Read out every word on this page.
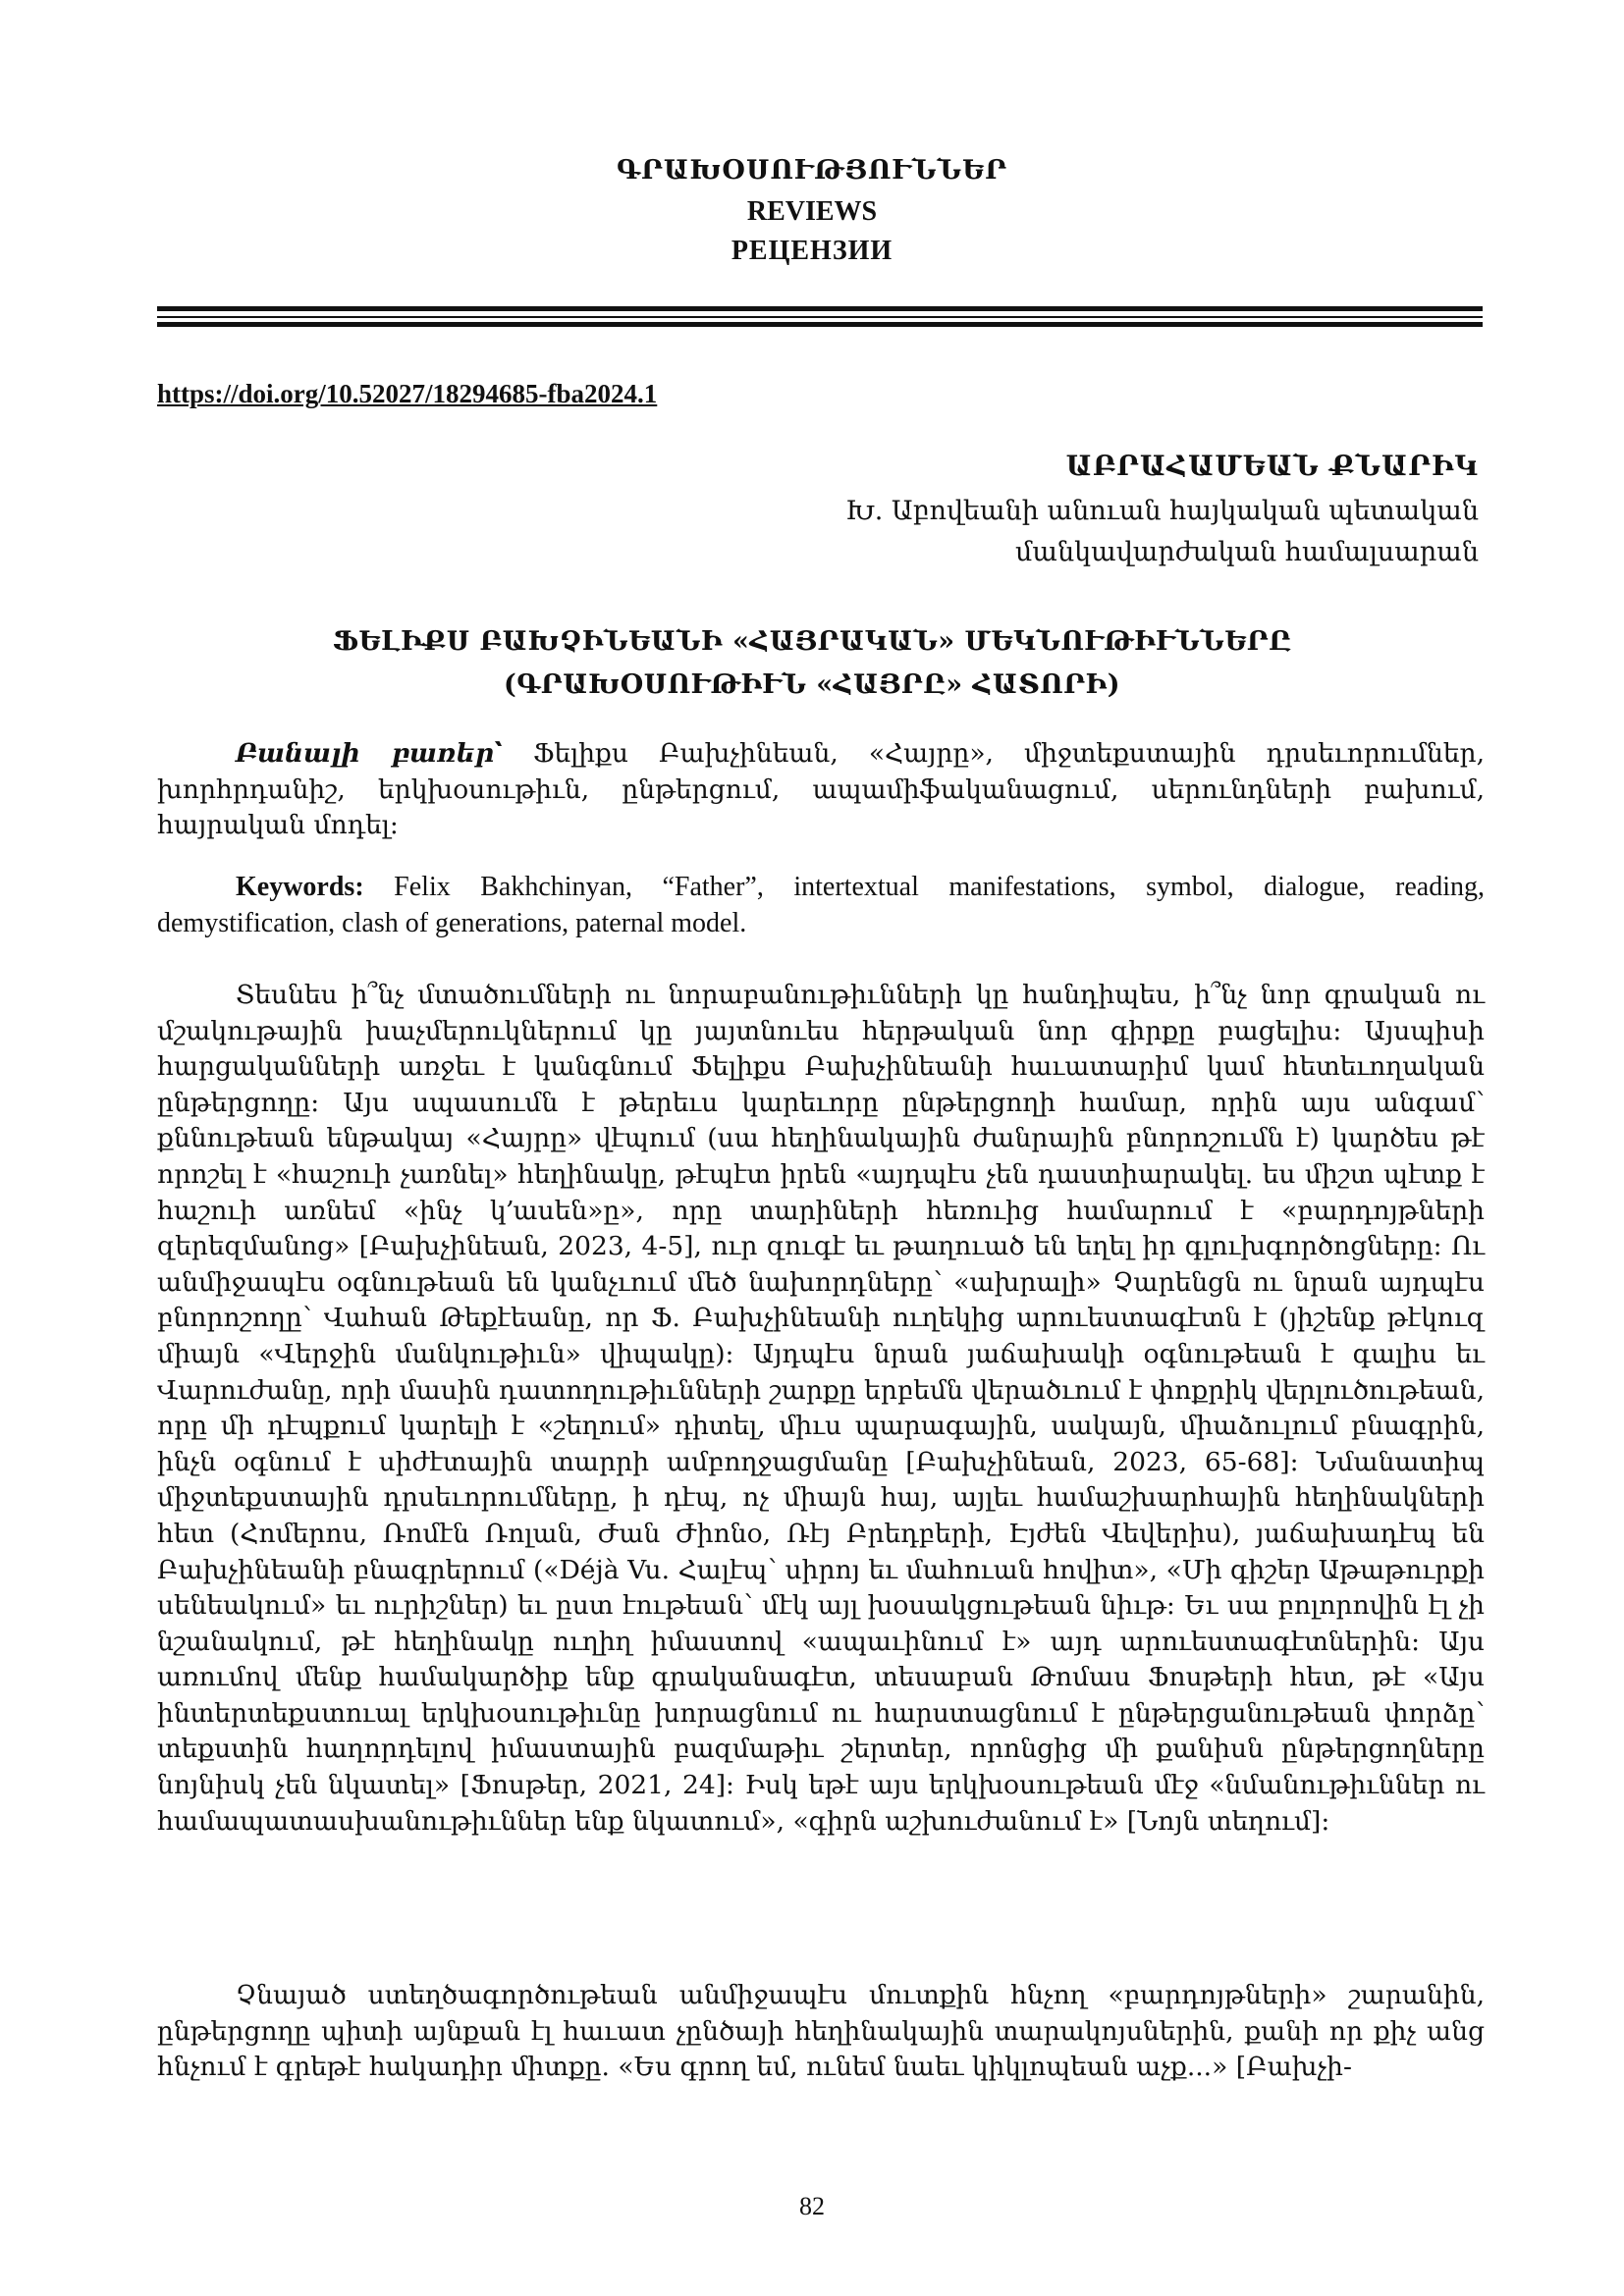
ԳՐԱԽՕՍՈՒԹՅՈՒՆՆԵՐ
REVIEWS
РЕЦЕНЗИИ
https://doi.org/10.52027/18294685-fba2024.1
ԱԲՐԱՀԱՄԵԱՆ ՔՆԱՐԻԿ
Խ. Աբովեանի անուան հայկական պետական
մանկավարժական համալսարան
ՖԵԼԻՔՍ ԲԱԽՉԻՆԵԱՆԻ «ՀԱՅՐԱԿԱՆ» ՄԵԿՆՈՒԹԻՒՆՆԵՐԸ
(ԳՐԱԽՕՍՈՒԹԻՒՆ «ՀԱՅՐԸ» ՀԱՏՈՐԻ)
Բանալի բառեր՝ Ֆելիքս Բախչինեան, «Հայրը», միջտեքստային դրսեւորումներ, խորհրդանիշ, երկխօսութիւն, ընթերցում, ապամիֆականացում, սերունդների բախում, հայրական մոդել:
Keywords: Felix Bakhchinyan, “Father”, intertextual manifestations, symbol, dialogue, reading, demystification, clash of generations, paternal model.
Տեսնես ի՞նչ մտածումների ու նորաբանութիւնների կը հանդիպես, ի՞նչ նոր գրական ու մշակութային խաչմերուկներում կը յայտնուես հերթական նոր գիրքը բացելիս: Այսպիսի հարցականների առջեւ է կանգնում Ֆելիքս Բախչինեանի հաւատարիմ կամ հետեւողական ընթերցողը: Այս սպասումն է թերեւս կարեւորը ընթերցողի համար, որին այս անգամ՝ քննութեան ենթակայ «Հայրը» վէպում (սա հեղինակային ժանրային բնորոշումն է) կարծես թէ որոշել է «հաշուի չառնել» հեղինակը, թէպէտ իրեն «այդպէս չեն դաստիարակել. ես միշտ պէտք է հաշուի առնեմ «ինչ կ՚ասեն»ը», որը տարիների հեռուից համարում է «բարդոյթների զերեզմանոց» [Բախչինեան, 2023, 4-5], ուր զուգէ եւ թաղուած են եղել իր գլուխգործոցները: Ու անմիջապէս օգնութեան են կանչւում մեծ նախորդները՝ «ախրալի» Չարենցն ու նրան այդպէս բնորոշողը՝ Վահան Թեքէեանը, որ Ֆ. Բախչինեանի ուղեկից արուեստագէտն է (յիշենք թէկուզ միայն «Վերջին մանկութիւն» վիպակը): Այդպէս նրան յաճախակի օգնութեան է գալիս եւ Վարուժանը, որի մասին դատողութիւնների շարքը երբեմն վերածւում է փոքրիկ վերլուծութեան, որը մի դէպքում կարելի է «շեղում» դիտել, միւս պարագային, սակայն, միաձուլում բնագրին, ինչն օգնում է սիժէտային տարրի ամբողջացմանը [Բախչինեան, 2023, 65-68]: Նմանատիպ միջտեքստային դրսեւորումները, ի դէպ, ոչ միայն հայ, այլեւ համաշխարհային հեղինակների հետ (Հոմերոս, Ռոմէն Ռոլան, Ժան Ժիոնօ, Ռէյ Բրեդբերի, Էյժեն Վեվերիս), յաճախադէպ են Բախչինեանի բնագրերում («Déjà Vu. Հալէպ՝ սիրոյ եւ մահուան հովիտ», «Մի գիշեր Աթաթուրքի սենեակում» եւ ուրիշներ) եւ ըստ էութեան՝ մէկ այլ խօսակցութեան նիւթ: Եւ սա բոլորովին էլ չի նշանակում, թէ հեղինակը ուղիղ իմաստով «ապաւինում է» այդ արուեստագէտներին: Այս առումով մենք համակարծիք ենք գրականագէտ, տեսաբան Թոմաս Ֆոսթերի հետ, թէ «Այս ինտերտեքստուալ երկխօսութիւնը խորացնում ու հարստացնում է ընթերցանութեան փորձը՝ տեքստին հաղորդելով իմաստային բազմաթիւ շերտեր, որոնցից մի քանիսն ընթերցողները նոյնիսկ չեն նկատել» [Ֆոսթեր, 2021, 24]: Իսկ եթէ այս երկխօսութեան մէջ «նմանութիւններ ու համապատասխանութիւններ ենք նկատում», «գիրն աշխուժանում է» [Նոյն տեղում]:
Չնայած ստեղծագործութեան անմիջապէս մուտքին հնչող «բարդոյթների» շարանին, ընթերցողը պիտի այնքան էլ հաւատ չընծայի հեղինակային տարակոյսներին, քանի որ քիչ անց հնչում է գրեթէ հակադիր միտքը. «Ես գրող եմ, ունեմ նաեւ կիկլոպեան աչք...» [Բախչի-
82
